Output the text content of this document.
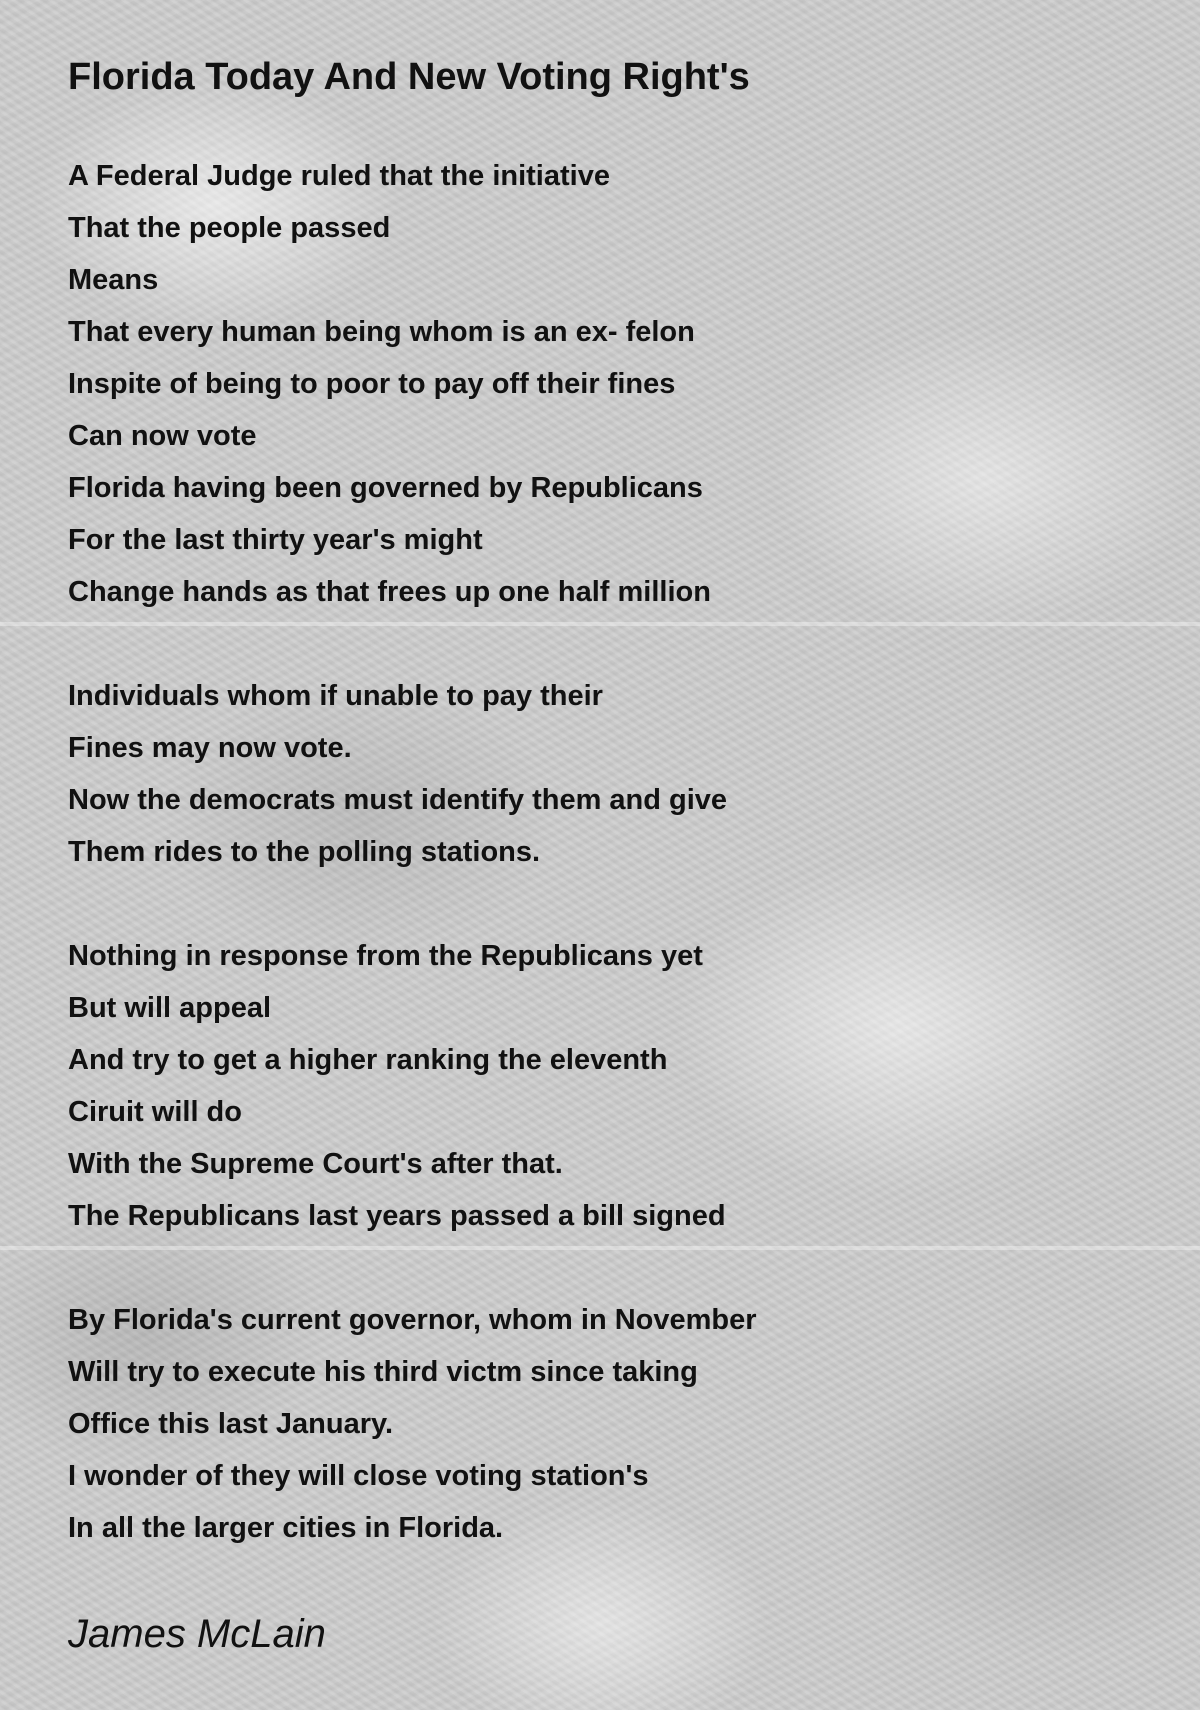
Florida Today And New Voting Right's
A Federal Judge ruled that the initiative
That the people passed
Means
That every human being whom is an ex- felon
Inspite of being to poor to pay off their fines
Can now vote
Florida having been governed by Republicans
For the last thirty year's might
Change hands as that frees up one half million
Individuals whom if unable to pay their
Fines may now vote.
Now the democrats must identify them and give
Them rides to the polling stations.
Nothing in response from the Republicans yet
But will appeal
And try to get a higher ranking the eleventh
Ciruit will do
With the Supreme Court's after that.
The Republicans last years passed a bill signed
By Florida's current governor, whom in November
Will try to execute his third victm since taking
Office this last January.
I wonder of they will close voting station's
In all the larger cities in Florida.
James McLain
